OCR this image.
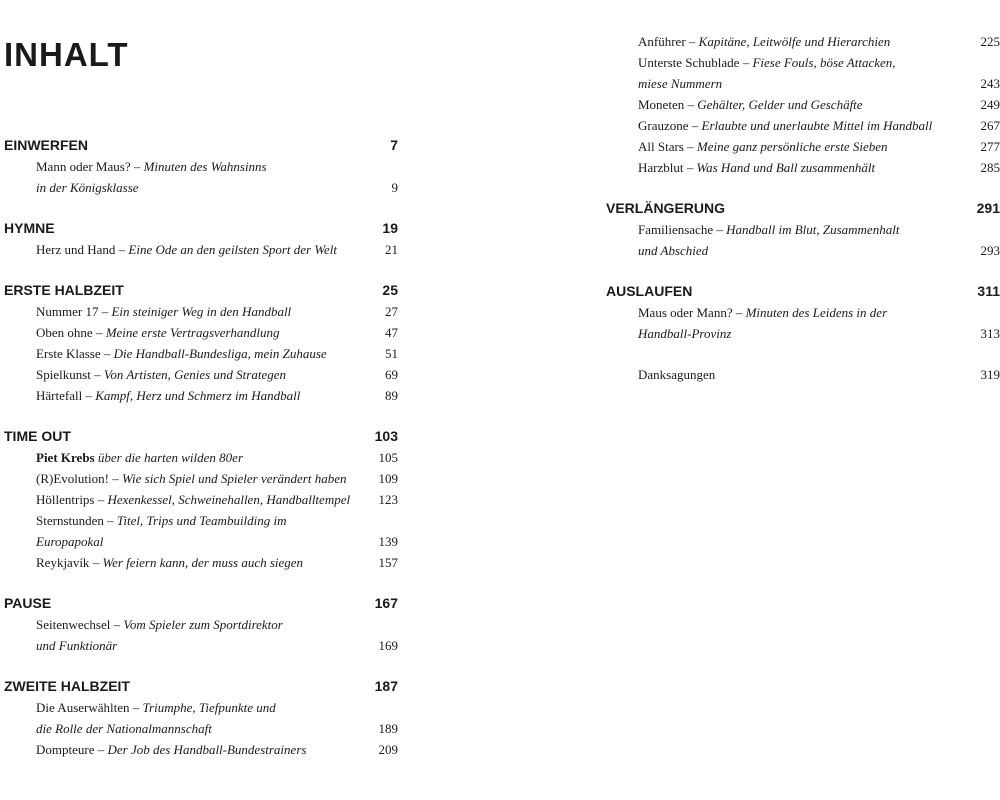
INHALT
EINWERFEN	7
Mann oder Maus? – Minuten des Wahnsinns
in der Königsklasse	9
HYMNE	19
Herz und Hand – Eine Ode an den geilsten Sport der Welt	21
ERSTE HALBZEIT	25
Nummer 17 – Ein steiniger Weg in den Handball	27
Oben ohne – Meine erste Vertragsverhandlung	47
Erste Klasse – Die Handball-Bundesliga, mein Zuhause	51
Spielkunst – Von Artisten, Genies und Strategen	69
Härtefall – Kampf, Herz und Schmerz im Handball	89
TIME OUT	103
Piet Krebs über die harten wilden 80er	105
(R)Evolution! – Wie sich Spiel und Spieler verändert haben	109
Höllentrips – Hexenkessel, Schweinehallen, Handballtempel	123
Sternstunden – Titel, Trips und Teambuilding im
Europapokal	139
Reykjavík – Wer feiern kann, der muss auch siegen	157
PAUSE	167
Seitenwechsel – Vom Spieler zum Sportdirektor
und Funktionär	169
ZWEITE HALBZEIT	187
Die Auserwählten – Triumphe, Tiefpunkte und
die Rolle der Nationalmannschaft	189
Dompteure – Der Job des Handball-Bundestrainers	209
Anführer – Kapitäne, Leitwölfe und Hierarchien	225
Unterste Schublade – Fiese Fouls, böse Attacken,
miese Nummern	243
Moneten – Gehälter, Gelder und Geschäfte	249
Grauzone – Erlaubte und unerlaubte Mittel im Handball	267
All Stars – Meine ganz persönliche erste Sieben	277
Harzblut – Was Hand und Ball zusammenhält	285
VERLÄNGERUNG	291
Familiensache – Handball im Blut, Zusammenhalt
und Abschied	293
AUSLAUFEN	311
Maus oder Mann? – Minuten des Leidens in der
Handball-Provinz	313
Danksagungen	319
